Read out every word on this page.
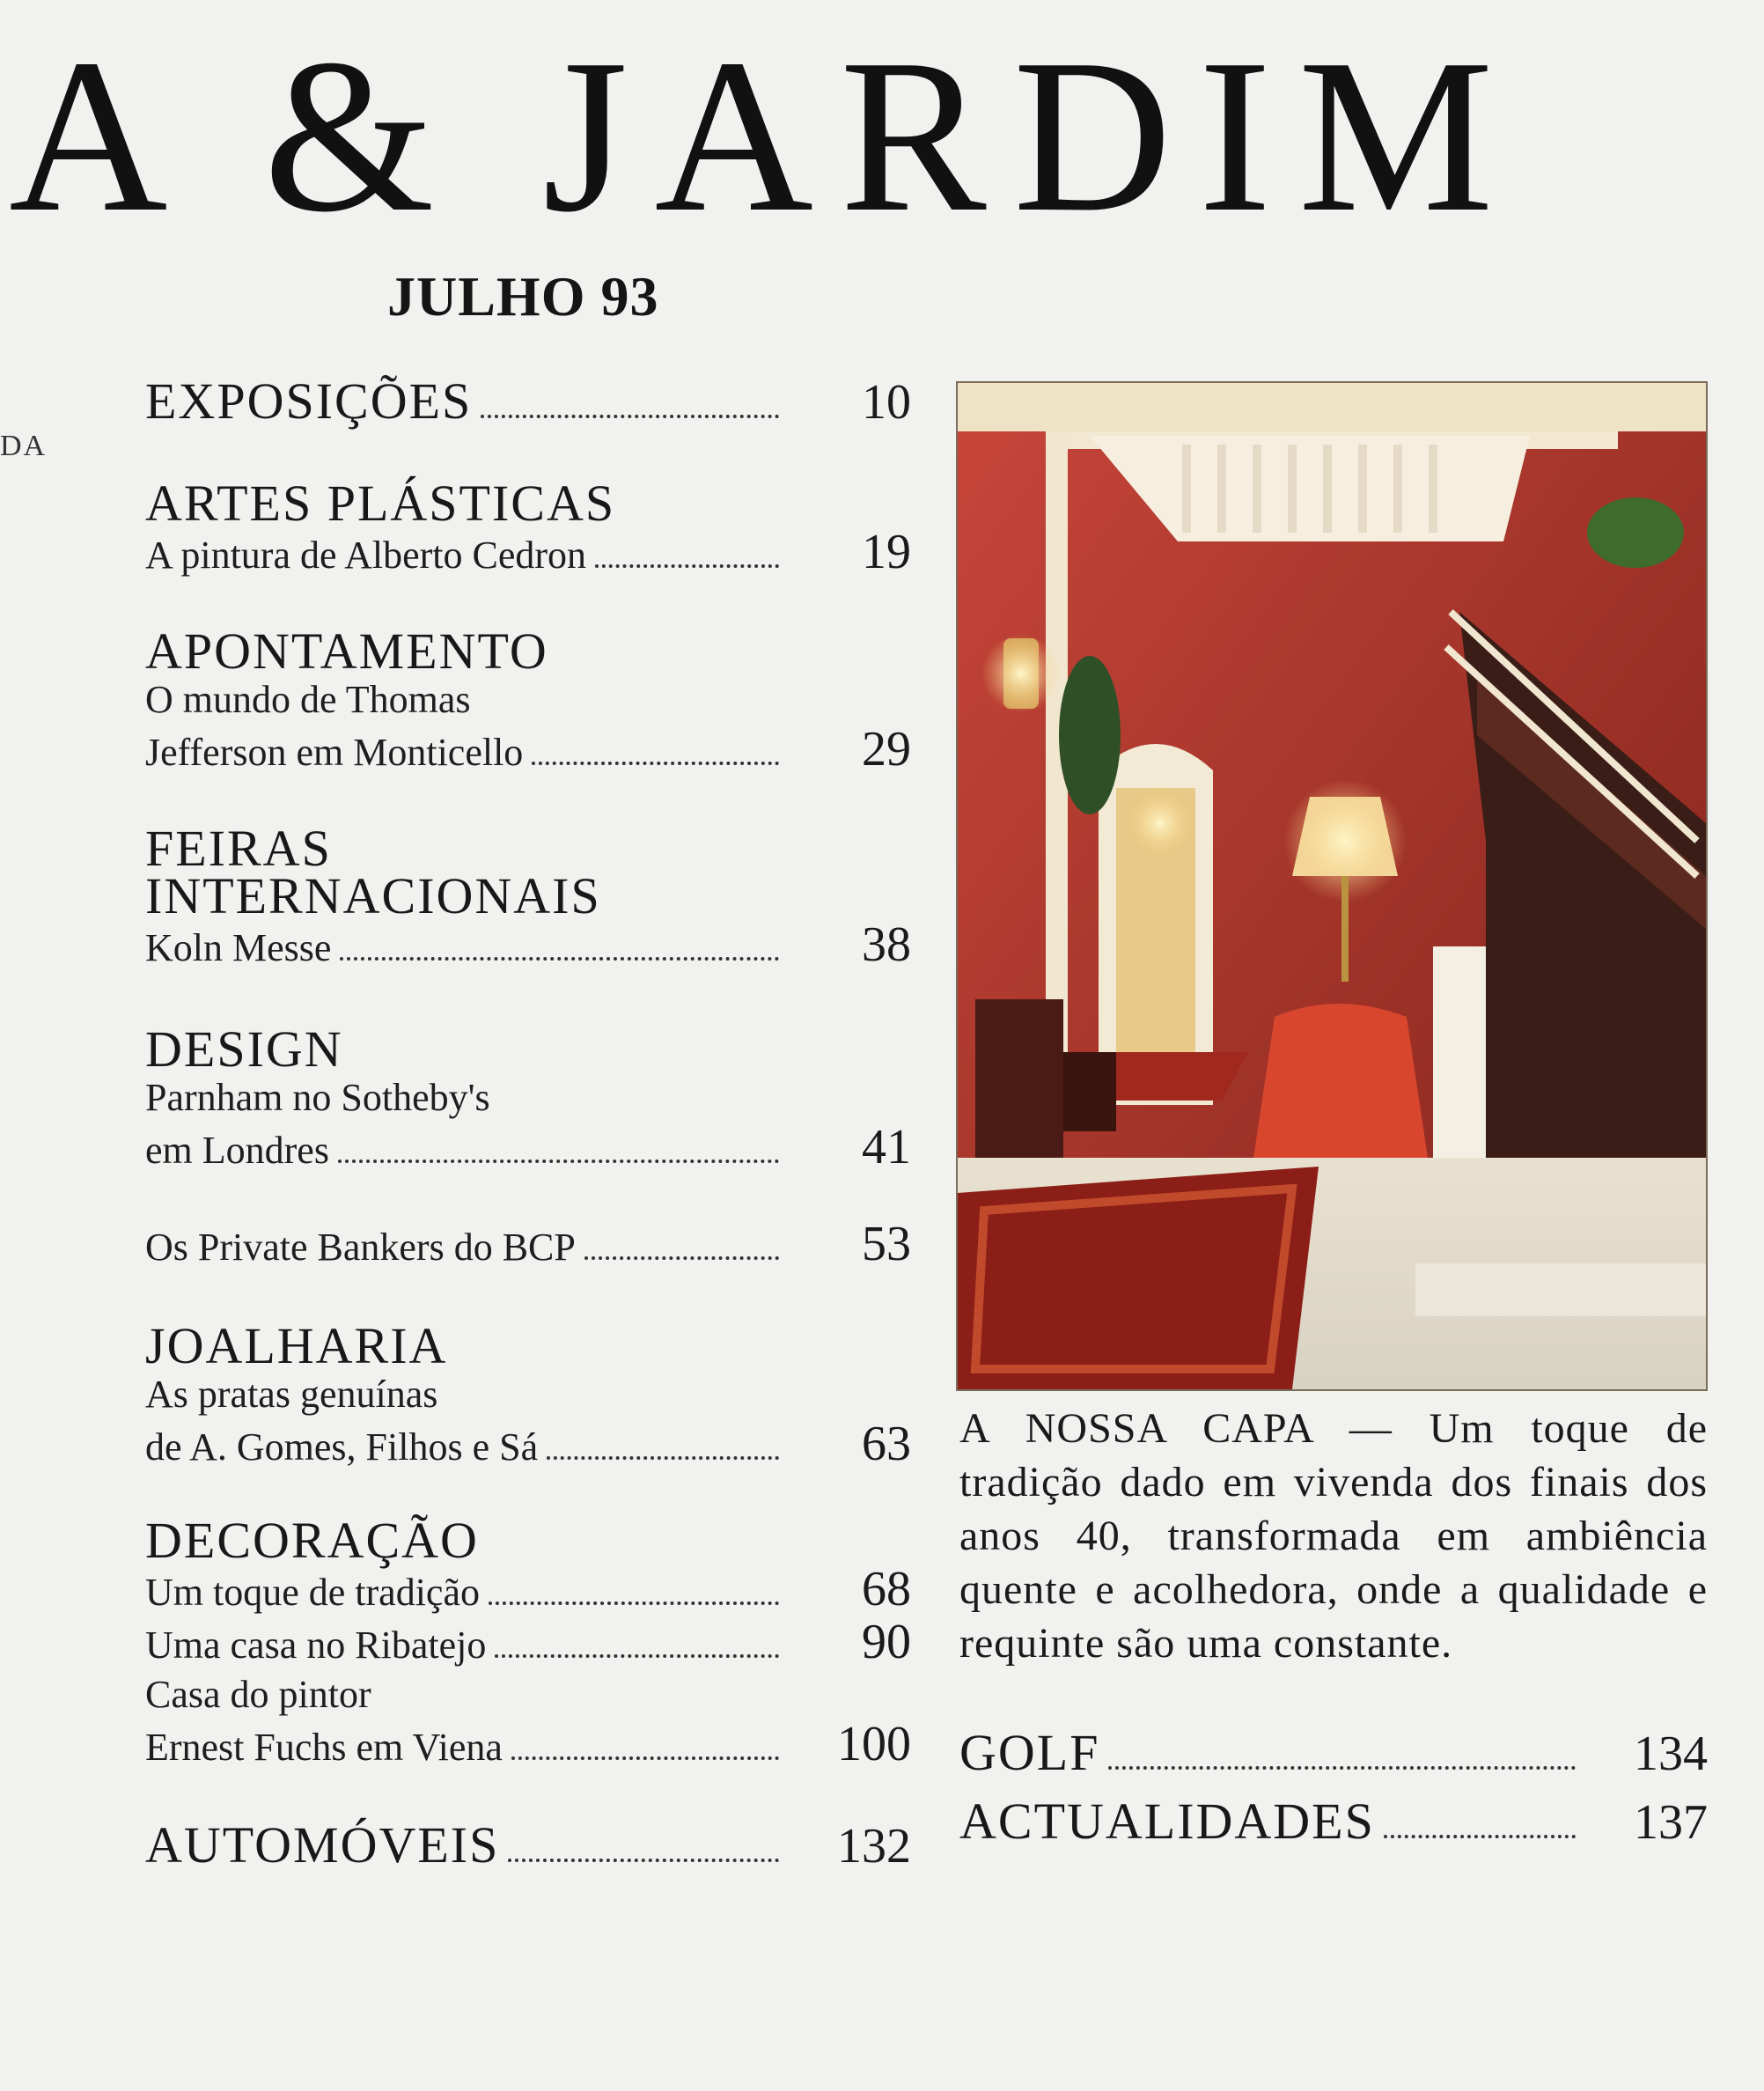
A & JARDIM
JULHO 93
DA
EXPOSIÇÕES	10
ARTES PLÁSTICAS
A pintura de Alberto Cedron	19
APONTAMENTO
O mundo de Thomas
Jefferson em Monticello	29
FEIRAS
INTERNACIONAIS
Koln Messe	38
DESIGN
Parnham no Sotheby's
em Londres	41
Os Private Bankers do BCP	53
JOALHARIA
As pratas genuínas
de A. Gomes, Filhos e Sá	63
DECORAÇÃO
Um toque de tradição	68
Uma casa no Ribatejo	90
Casa do pintor
Ernest Fuchs em Viena	100
AUTOMÓVEIS	132
A NOSSA CAPA — Um toque de tradição dado em vivenda dos finais dos anos 40, transformada em ambiência quente e acolhedora, onde a qualidade e requinte são uma constante.
GOLF	134
ACTUALIDADES	137
